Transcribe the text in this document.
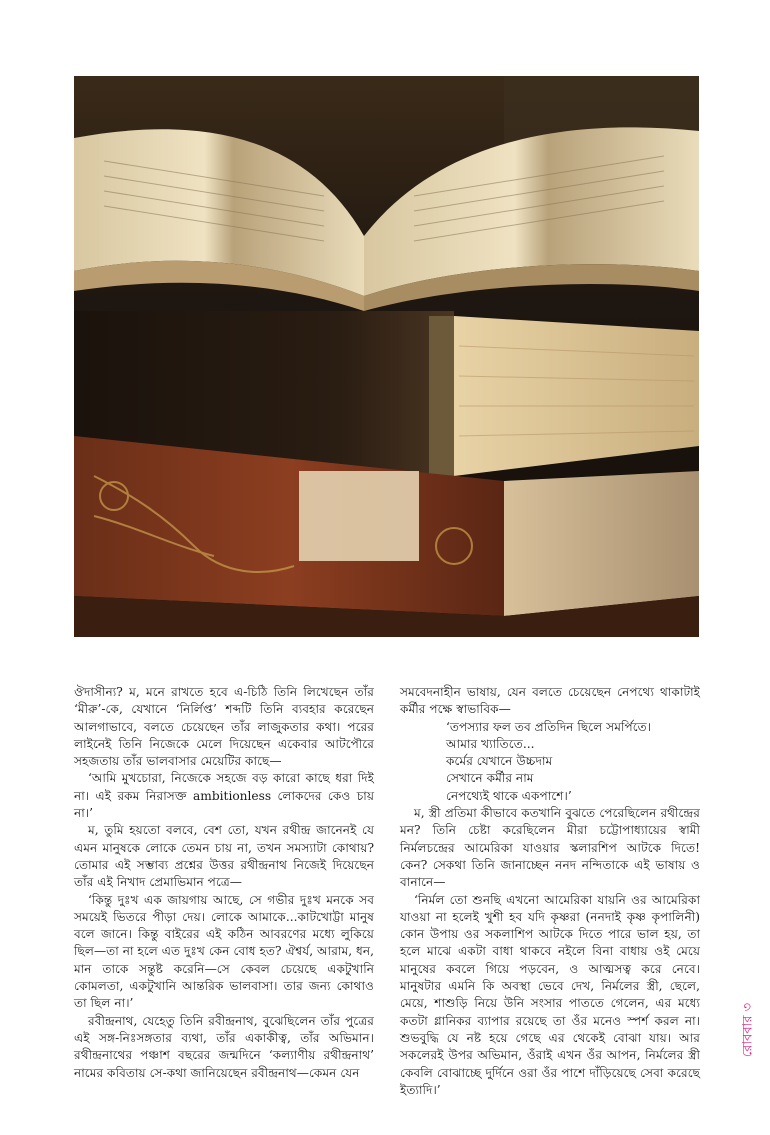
ঔদাসীন্য? ম, মনে রাখতে হবে এ-চিঠি তিনি লিখেছেন তাঁর ‘মীরু’-কে, যেখানে ‘নির্লিপ্ত’ শব্দটি তিনি ব্যবহার করেছেন আলগাভাবে, বলতে চেয়েছেন তাঁর লাজুকতার কথা। পরের লাইনেই তিনি নিজেকে মেলে দিয়েছেন একেবার আটপৌরে সহজতায় তাঁর ভালবাসার মেয়েটির কাছে—

‘আমি মুখচোরা, নিজেকে সহজে বড় কারো কাছে ধরা দিই না। এই রকম নিরাসক্ত ambitionless লোকদের কেও চায় না।’

ম, তুমি হয়তো বলবে, বেশ তো, যখন রথীন্দ্র জানেনই যে এমন মানুষকে লোকে তেমন চায় না, তখন সমস্যাটা কোথায়? তোমার এই সম্ভাব্য প্রশ্নের উত্তর রথীন্দ্রনাথ নিজেই দিয়েছেন তাঁর এই নিখাদ প্রেমাভিমান পত্রে—

‘কিন্তু দুঃখ এক জায়গায় আছে, সে গভীর দুঃখ মনকে সব সময়েই ভিতরে পীড়া দেয়। লোকে আমাকে...কাটখোট্টা মানুষ বলে জানে। কিন্তু বাইরের এই কঠিন আবরণের মধ্যে লুকিয়ে ছিল—তা না হলে এত দুঃখ কেন বোধ হত? ঐশ্বর্য, আরাম, ধন, মান তাকে সন্তুষ্ট করেনি—সে কেবল চেয়েছে একটুখানি কোমলতা, একটুখানি আন্তরিক ভালবাসা। তার জন্য কোথাও তা ছিল না।’

রবীন্দ্রনাথ, যেহেতু তিনি রবীন্দ্রনাথ, বুঝেছিলেন তাঁর পুত্রের এই সঙ্গ-নিঃসঙ্গতার ব্যথা, তাঁর একাকীত্ব, তাঁর অভিমান। রথীন্দ্রনাথের পঞ্চাশ বছরের জন্মদিনে ‘কল্যাণীয় রথীন্দ্রনাথ’ নামের কবিতায় সে-কথা জানিয়েছেন রবীন্দ্রনাথ—কেমন যেন

সমবেদনাহীন ভাষায়, যেন বলতে চেয়েছেন নেপথ্যে থাকাটাই কর্মীর পক্ষে স্বাভাবিক—

‘তপস্যার ফল তব প্রতিদিন ছিলে সমর্পিতে।

আমার খ্যাতিতে...

কর্মের যেখানে উচ্চদাম

সেখানে কর্মীর নাম

নেপথ্যেই থাকে একপাশে।’

ম, স্ত্রী প্রতিমা কীভাবে কতখানি বুঝতে পেরেছিলেন রথীন্দ্রের মন? তিনি চেষ্টা করেছিলেন মীরা চট্টোপাধ্যায়ের স্বামী নির্মলচন্দ্রের আমেরিকা যাওয়ার স্কলারশিপ আটকে দিতে! কেন? সেকথা তিনি জানাচ্ছেন ননদ নন্দিতাকে এই ভাষায় ও বানানে—

‘নির্মল তো শুনছি এখনো আমেরিকা যায়নি ওর আমেরিকা যাওয়া না হলেই খুশী হব যদি কৃষ্ণরা (ননদাই কৃষ্ণ কৃপালিনী) কোন উপায় ওর সকলাশিপ আটকে দিতে পারে ভাল হয়, তা হলে মাঝে একটা বাধা থাকবে নইলে বিনা বাধায় ওই মেয়ে মানুষের কবলে গিয়ে পড়বেন, ও আত্মসত্ব করে নেবে। মানুষটার এমনি কি অবস্থা ভেবে দেখ, নির্মলের স্ত্রী, ছেলে, মেয়ে, শাশুড়ি নিয়ে উনি সংসার পাততে গেলেন, এর মধ্যে কতটা গ্লানিকর ব্যাপার রয়েছে তা ওঁর মনেও স্পর্শ করল না। শুভবুদ্ধি যে নষ্ট হয়ে গেছে এর থেকেই বোঝা যায়। আর সকলেরই উপর অভিমান, ওঁরাই এখন ওঁর আপন, নির্মলের স্ত্রী কেবলি বোঝাচ্ছে দুর্দিনে ওরা ওঁর পাশে দাঁড়িয়েছে সেবা করেছে ইত্যাদি।’

রোববার ৩
